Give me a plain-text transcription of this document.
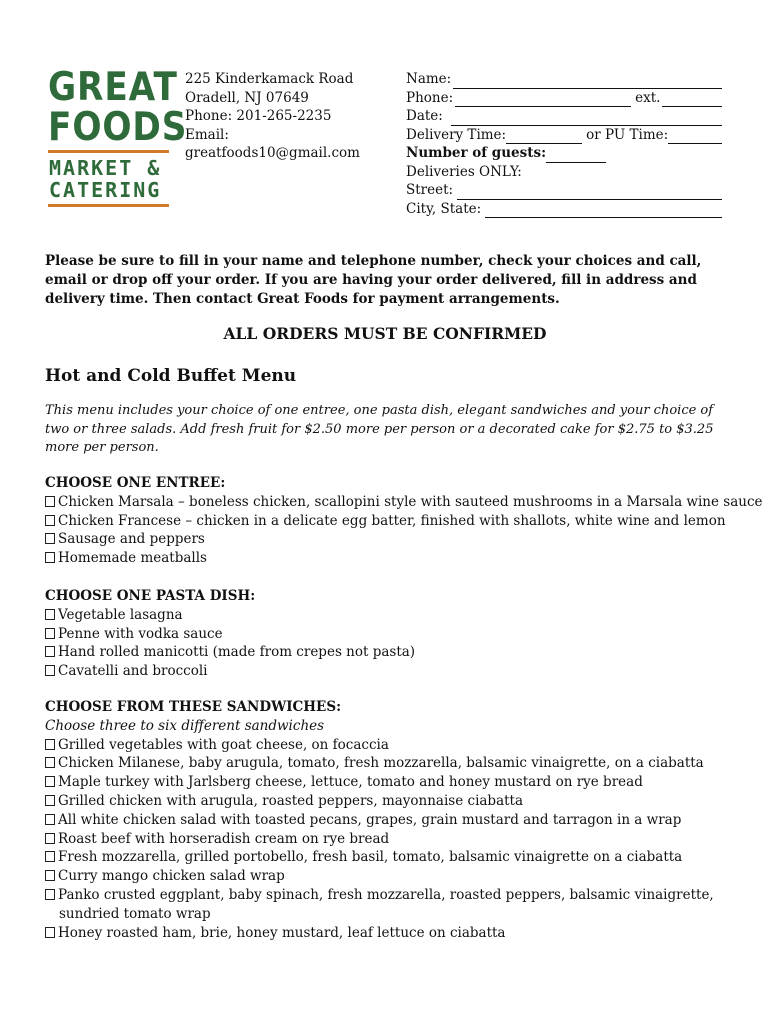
GREAT
FOODS
MARKET &
CATERING
225 Kinderkamack Road
Oradell, NJ 07649
Phone: 201-265-2235
Email:
greatfoods10@gmail.com
Name:
Phone:	ext.
Date:
Delivery Time:	or PU Time:
Number of guests:
Deliveries ONLY:
Street:
City, State:
Please be sure to fill in your name and telephone number, check your choices and call, email or drop off your order. If you are having your order delivered, fill in address and delivery time. Then contact Great Foods for payment arrangements.
ALL ORDERS MUST BE CONFIRMED
Hot and Cold Buffet Menu
This menu includes your choice of one entree, one pasta dish, elegant sandwiches and your choice of two or three salads. Add fresh fruit for $2.50 more per person or a decorated cake for $2.75 to $3.25 more per person.
CHOOSE ONE ENTREE:
Chicken Marsala – boneless chicken, scallopini style with sauteed mushrooms in a Marsala wine sauce
Chicken Francese – chicken in a delicate egg batter, finished with shallots, white wine and lemon
Sausage and peppers
Homemade meatballs
CHOOSE ONE PASTA DISH:
Vegetable lasagna
Penne with vodka sauce
Hand rolled manicotti (made from crepes not pasta)
Cavatelli and broccoli
CHOOSE FROM THESE SANDWICHES:
Choose three to six different sandwiches
Grilled vegetables with goat cheese, on focaccia
Chicken Milanese, baby arugula, tomato, fresh mozzarella, balsamic vinaigrette, on a ciabatta
Maple turkey with Jarlsberg cheese, lettuce, tomato and honey mustard on rye bread
Grilled chicken with arugula, roasted peppers, mayonnaise ciabatta
All white chicken salad with toasted pecans, grapes, grain mustard and tarragon in a wrap
Roast beef with horseradish cream on rye bread
Fresh mozzarella, grilled portobello, fresh basil, tomato, balsamic vinaigrette on a ciabatta
Curry mango chicken salad wrap
Panko crusted eggplant, baby spinach, fresh mozzarella, roasted peppers, balsamic vinaigrette,
sundried tomato wrap
Honey roasted ham, brie, honey mustard, leaf lettuce on ciabatta
